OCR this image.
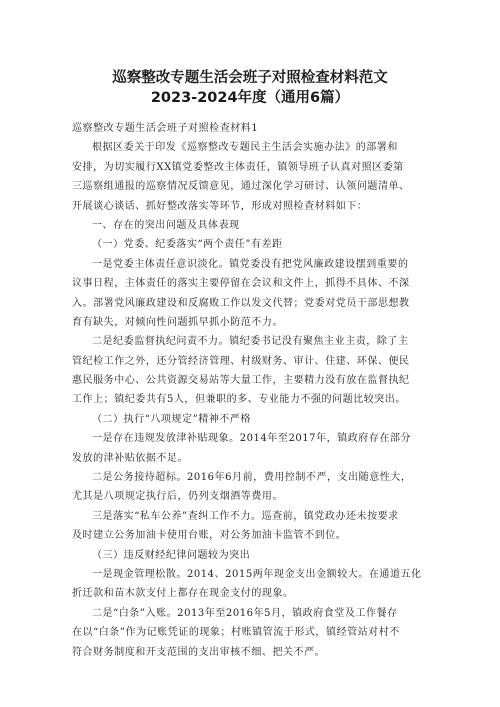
巡察整改专题生活会班子对照检查材料范文
2023-2024年度（通用6篇）
巡察整改专题生活会班子对照检查材料1
根据区委关于印发《巡察整改专题民主生活会实施办法》的部署和
安排，为切实履行XX镇党委整改主体责任，镇领导班子认真对照区委第
三巡察组通报的巡察情况反馈意见，通过深化学习研讨、认领问题清单、
开展谈心谈话、抓好整改落实等环节，形成对照检查材料如下：
一、存在的突出问题及具体表现
（一）党委、纪委落实“两个责任”有差距
一是党委主体责任意识淡化。镇党委没有把党风廉政建设摆到重要的
议事日程，主体责任的落实主要停留在会议和文件上，抓得不具体、不深
入。部署党风廉政建设和反腐败工作以发文代替；党委对党员干部思想教
育有缺失，对倾向性问题抓早抓小防范不力。
二是纪委监督执纪问责不力。镇纪委书记没有聚焦主业主责，除了主
管纪检工作之外，还分管经济管理、村级财务、审计、住建、环保、便民
惠民服务中心、公共资源交易站等大量工作，主要精力没有放在监督执纪
工作上；镇纪委共有5人，但兼职的多、专业能力不强的问题比较突出。
（二）执行“八项规定”精神不严格
一是存在违规发放津补贴现象。2014年至2017年，镇政府存在部分
发放的津补贴依据不足。
二是公务接待超标。2016年6月前，费用控制不严，支出随意性大，
尤其是八项规定执行后，仍列支烟酒等费用。
三是落实“私车公养”查纠工作不力。巡查前，镇党政办还未按要求
及时建立公务加油卡使用台账，对公务加油卡监管不到位。
（三）违反财经纪律问题较为突出
一是现金管理松散。2014、2015两年现金支出金额较大。在通道五化
折迁款和苗木款支付上都存在现金支付的现象。
二是“白条”入账。2013年至2016年5月，镇政府食堂及工作餐存
在以“白条”作为记账凭证的现象；村账镇管流于形式，镇经管站对村不
符合财务制度和开支范围的支出审核不细、把关不严。
